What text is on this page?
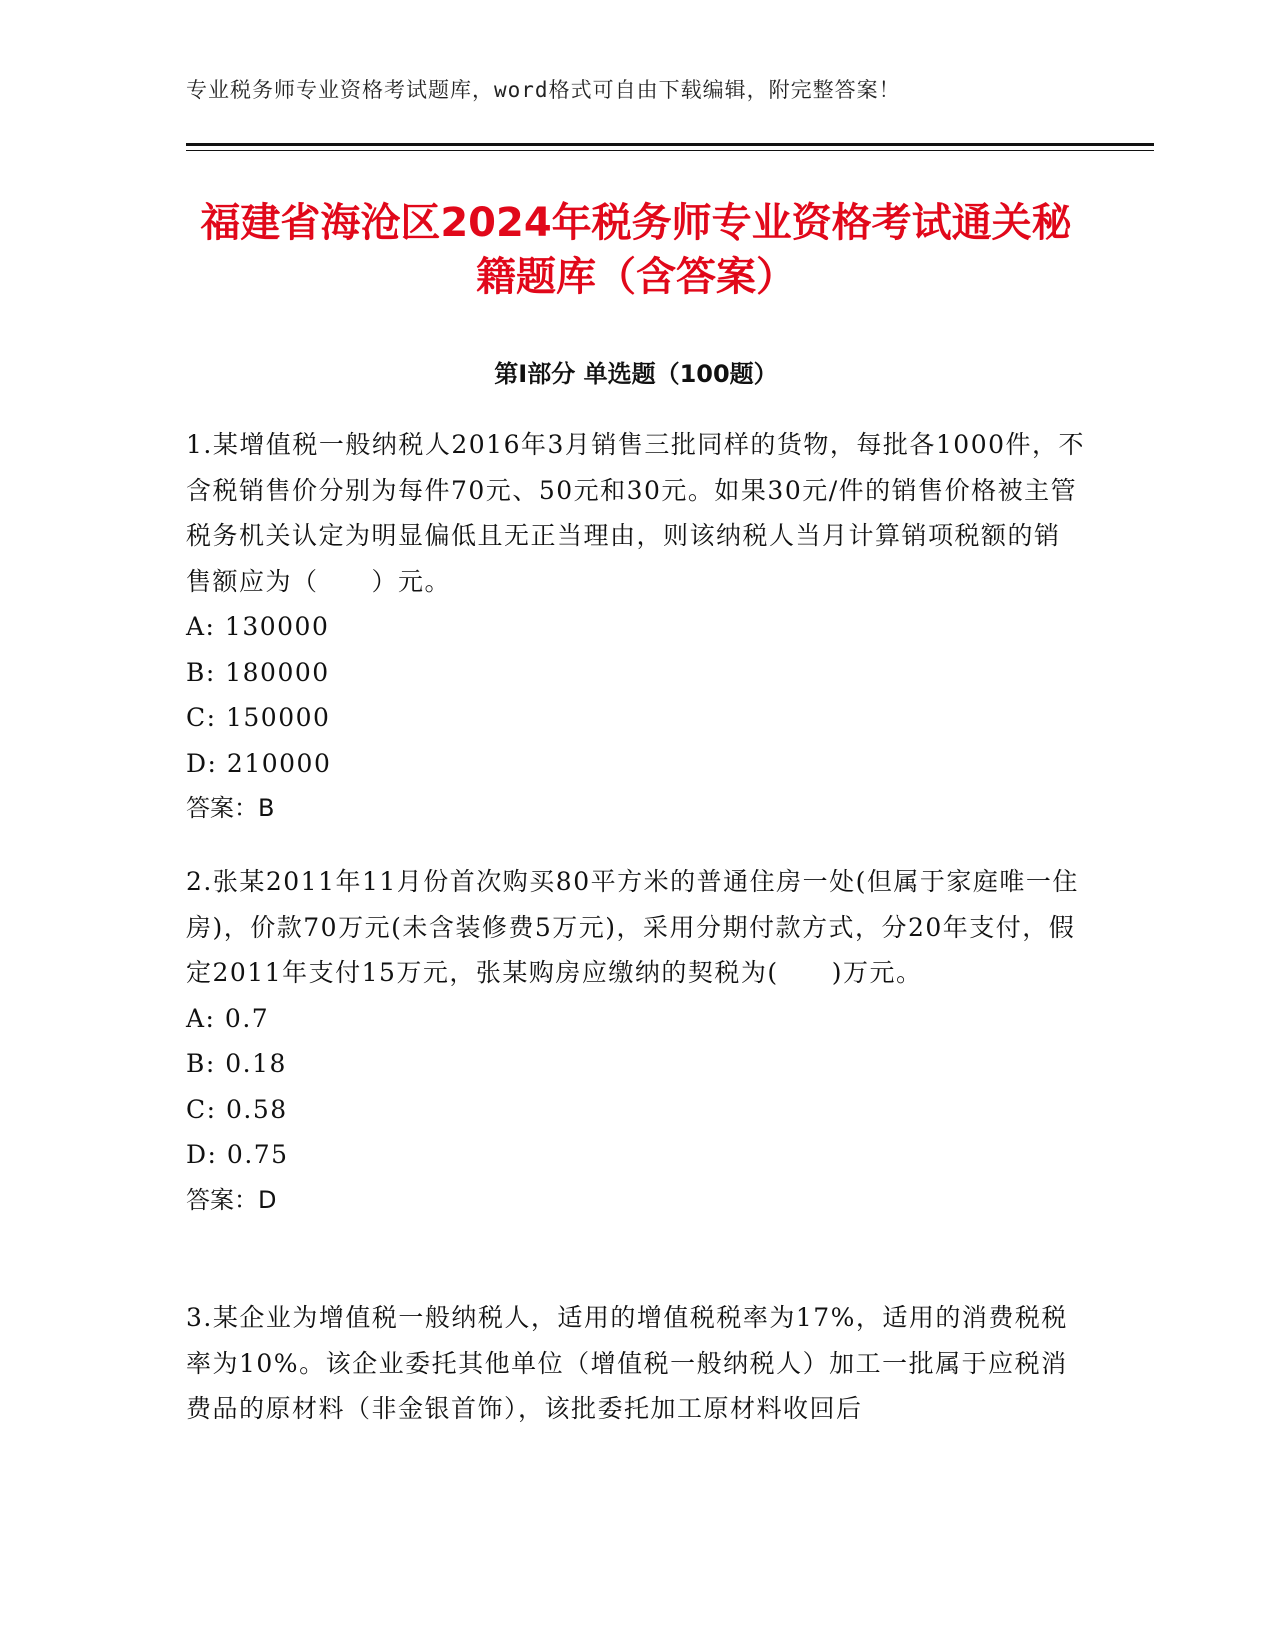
专业税务师专业资格考试题库，word格式可自由下载编辑，附完整答案！
福建省海沧区2024年税务师专业资格考试通关秘籍题库（含答案）
第Ⅰ部分 单选题（100题）

1.某增值税一般纳税人2016年3月销售三批同样的货物，每批各1000件，不含税销售价分别为每件70元、50元和30元。如果30元/件的销售价格被主管税务机关认定为明显偏低且无正当理由，则该纳税人当月计算销项税额的销售额应为（　　）元。

A: 130000

B: 180000

C: 150000

D: 210000

答案：B

2.张某2011年11月份首次购买80平方米的普通住房一处(但属于家庭唯一住房)，价款70万元(未含装修费5万元)，采用分期付款方式，分20年支付，假定2011年支付15万元，张某购房应缴纳的契税为(　　)万元。

A: 0.7

B: 0.18

C: 0.58

D: 0.75

答案：D

3.某企业为增值税一般纳税人，适用的增值税税率为17%，适用的消费税税率为10%。该企业委托其他单位（增值税一般纳税人）加工一批属于应税消费品的原材料（非金银首饰），该批委托加工原材料收回后
